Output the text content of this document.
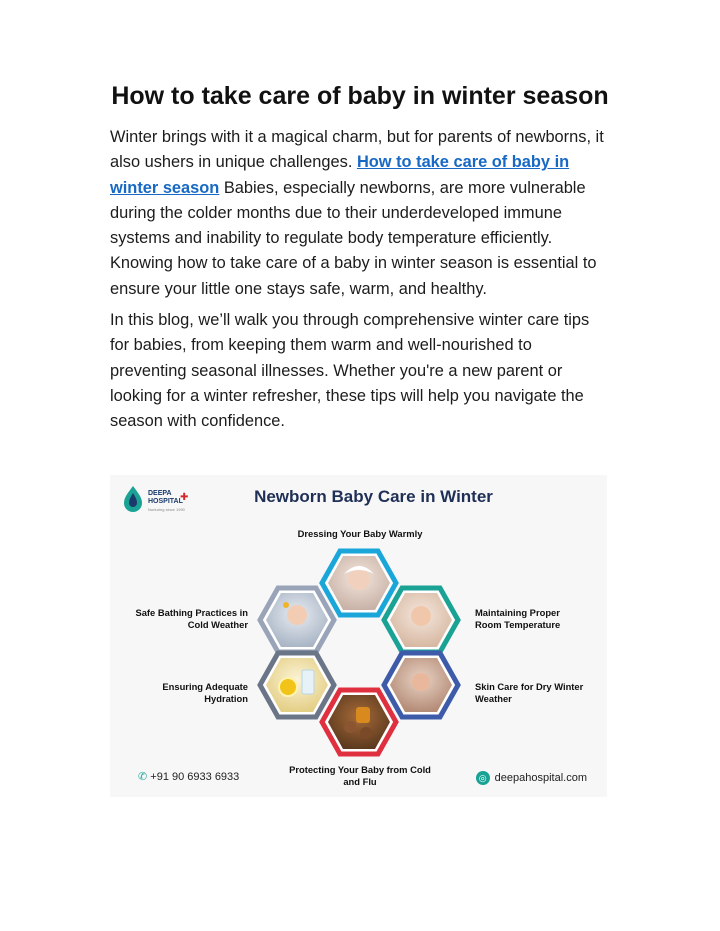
How to take care of baby in winter season

Winter brings with it a magical charm, but for parents of newborns, it also ushers in unique challenges. How to take care of baby in winter season Babies, especially newborns, are more vulnerable during the colder months due to their underdeveloped immune systems and inability to regulate body temperature efficiently. Knowing how to take care of a baby in winter season is essential to ensure your little one stays safe, warm, and healthy.

In this blog, we’ll walk you through comprehensive winter care tips for babies, from keeping them warm and well-nourished to preventing seasonal illnesses. Whether you're a new parent or looking for a winter refresher, these tips will help you navigate the season with confidence.

DEEPA HOSPITAL
Nurturing since 1990
✚	Newborn Baby Care in Winter
Dressing Your Baby Warmly
Safe Bathing Practices in Cold Weather
Maintaining Proper Room Temperature
Ensuring Adequate Hydration
Skin Care for Dry Winter Weather
Protecting Your Baby from Cold and Flu
✆ +91 90 6933 6933	◎ deepahospital.com
